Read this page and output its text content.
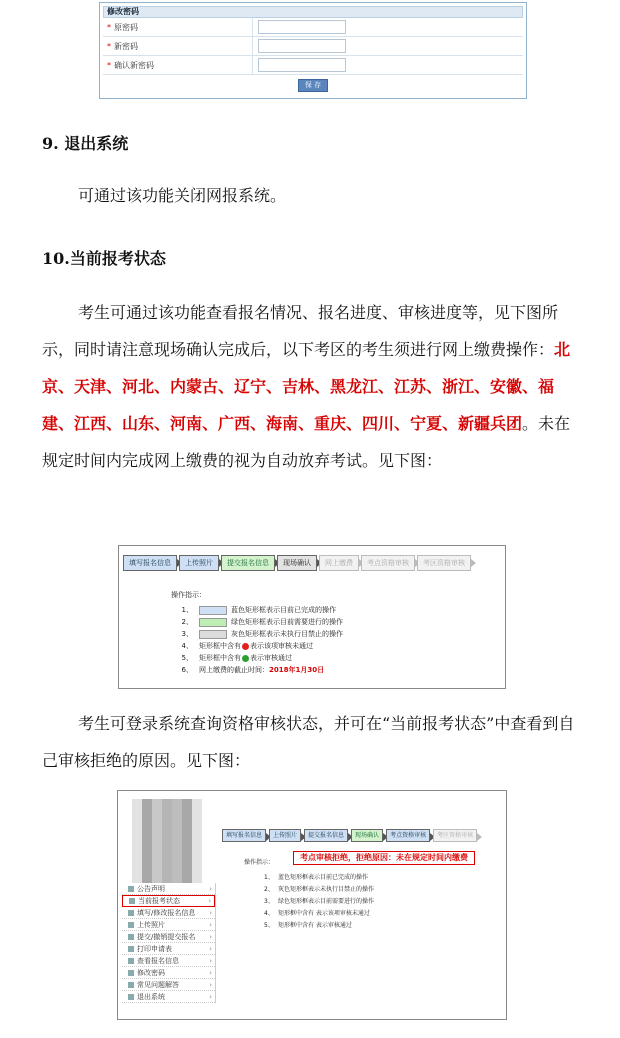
修改密码
* 原密码
* 新密码
* 确认新密码
保 存
9. 退出系统
可通过该功能关闭网报系统。
10.当前报考状态
考生可通过该功能查看报名情况、报名进度、审核进度等，见下图所示，同时请注意现场确认完成后，以下考区的考生须进行网上缴费操作：北京、天津、河北、内蒙古、辽宁、吉林、黑龙江、江苏、浙江、安徽、福建、江西、山东、河南、广西、海南、重庆、四川、宁夏、新疆兵团。未在规定时间内完成网上缴费的视为自动放弃考试。见下图：
填写报名信息	上传照片	提交报名信息	现场确认	网上缴费	考点资格审核	考区资格审核
操作指示：
1、	蓝色矩形框表示目前已完成的操作
2、	绿色矩形框表示目前需要进行的操作
3、	灰色矩形框表示未执行目禁止的操作
4、 矩形框中含有 表示该项审核未通过
5、 矩形框中含有 表示审核通过
6、 网上缴费的截止时间： 2018年1月30日
考生可登录系统查询资格审核状态，并可在“当前报考状态”中查看到自己审核拒绝的原因。见下图：
公告声明	›
当前报考状态	›
填写/修改报名信息 ›
上传照片	›
提交/撤销提交报名 ›
打印申请表	›
查看报名信息	›
修改密码	›
常见问题解答	›
退出系统	›
填写报名信息	上传照片	提交报名信息	现场确认	考点资格审核	考区资格审核
考点审核拒绝，拒绝原因：未在规定时间内缴费
操作指示：
1、 蓝色矩形框表示目前已完成的操作
2、 灰色矩形框表示未执行目禁止的操作
3、 绿色矩形框表示目前需要进行的操作
4、 矩形框中含有 表示该项审核未通过
5、 矩形框中含有 表示审核通过
